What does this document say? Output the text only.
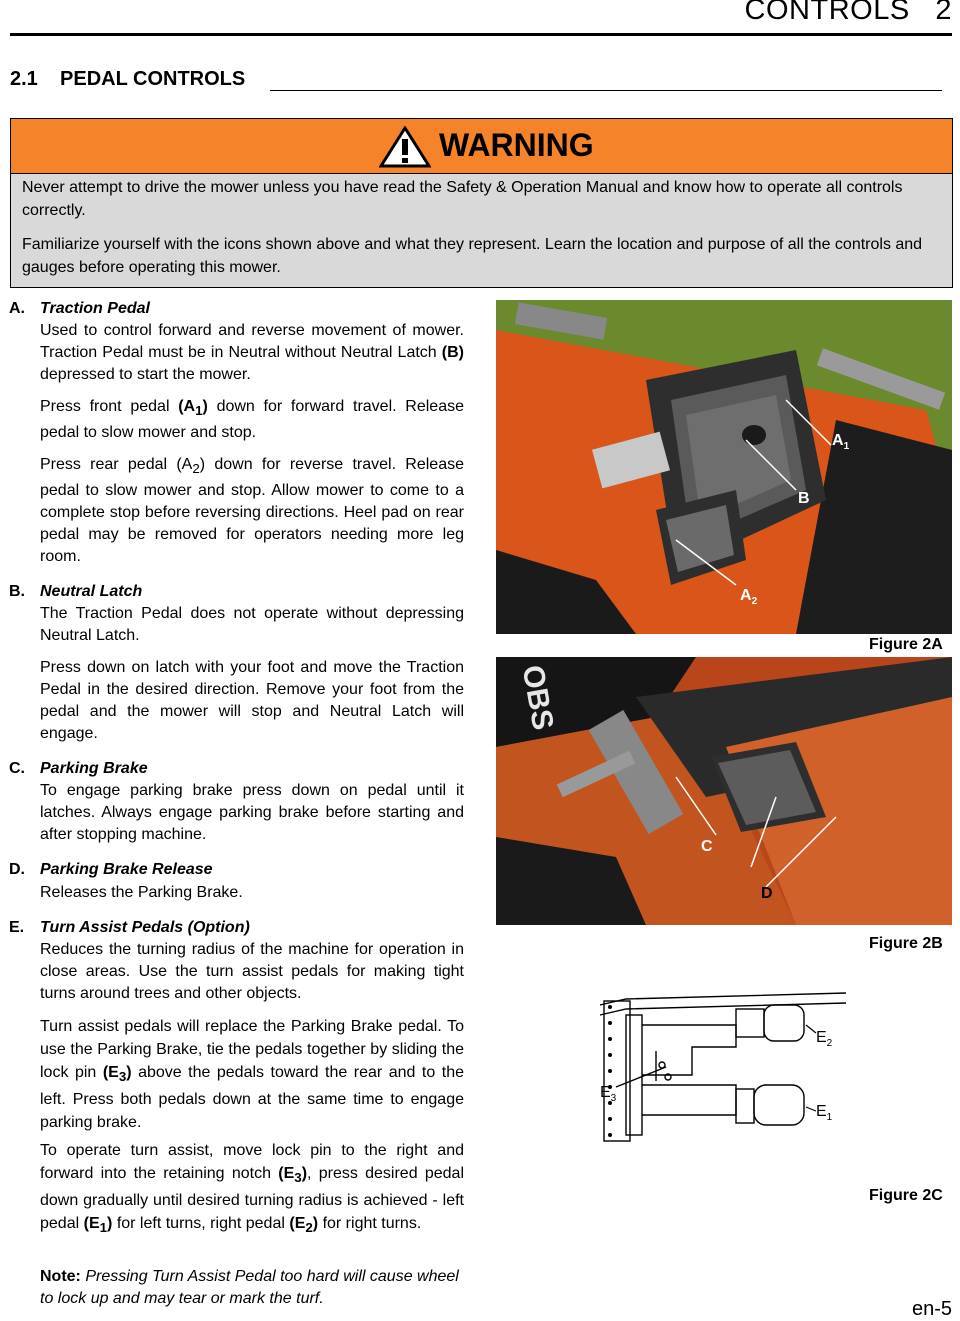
CONTROLS 2
2.1 PEDAL CONTROLS
WARNING
Never attempt to drive the mower unless you have read the Safety & Operation Manual and know how to operate all controls correctly.
Familiarize yourself with the icons shown above and what they represent. Learn the location and purpose of all the controls and gauges before operating this mower.
A. Traction Pedal
Used to control forward and reverse movement of mower. Traction Pedal must be in Neutral without Neutral Latch (B) depressed to start the mower.
Press front pedal $(A_1)$ down for forward travel. Release pedal to slow mower and stop.
Press rear pedal $(A_2)$ down for reverse travel. Release pedal to slow mower and stop. Allow mower to come to a complete stop before reversing directions. Heel pad on rear pedal may be removed for operators needing more leg room.
B. Neutral Latch
The Traction Pedal does not operate without depressing Neutral Latch.
Press down on latch with your foot and move the Traction Pedal in the desired direction. Remove your foot from the pedal and the mower will stop and Neutral Latch will engage.
C. Parking Brake
To engage parking brake press down on pedal until it latches. Always engage parking brake before starting and after stopping machine.
D. Parking Brake Release
Releases the Parking Brake.
E. Turn Assist Pedals (Option)
Reduces the turning radius of the machine for operation in close areas. Use the turn assist pedals for making tight turns around trees and other objects.
Turn assist pedals will replace the Parking Brake pedal. To use the Parking Brake, tie the pedals together by sliding the lock pin $(E_3)$ above the pedals toward the rear and to the left. Press both pedals down at the same time to engage parking brake.
To operate turn assist, move lock pin to the right and forward into the retaining notch $(E_3)$, press desired pedal down gradually until desired turning radius is achieved - left pedal $(E_1)$ for left turns, right pedal $(E_2)$ for right turns.
Note: Pressing Turn Assist Pedal too hard will cause wheel to lock up and may tear or mark the turf.
$A_1$
B
$A_2$
Figure 2A
OBS
C
D
Figure 2B
$E_2$
$E_3$
$E_1$
Figure 2C
en-5
